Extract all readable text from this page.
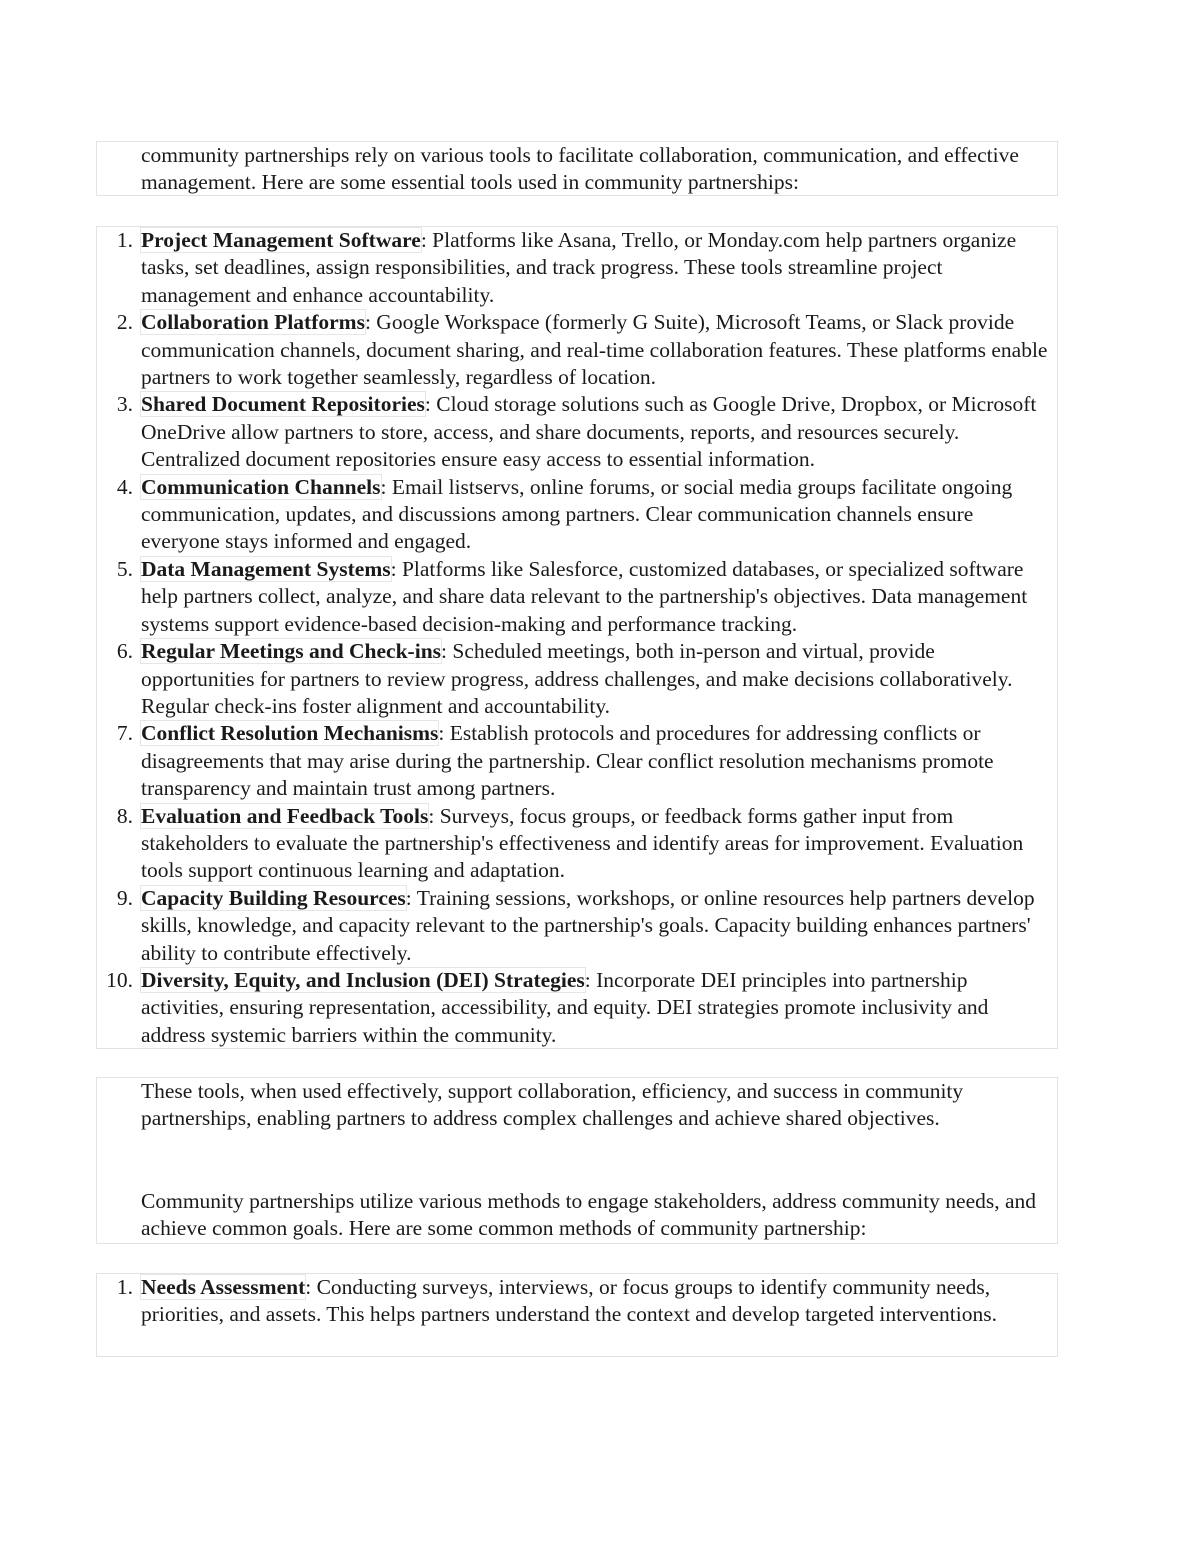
community partnerships rely on various tools to facilitate collaboration, communication, and effective management. Here are some essential tools used in community partnerships:

1. Project Management Software: Platforms like Asana, Trello, or Monday.com help partners organize tasks, set deadlines, assign responsibilities, and track progress. These tools streamline project management and enhance accountability.
2. Collaboration Platforms: Google Workspace (formerly G Suite), Microsoft Teams, or Slack provide communication channels, document sharing, and real-time collaboration features. These platforms enable partners to work together seamlessly, regardless of location.
3. Shared Document Repositories: Cloud storage solutions such as Google Drive, Dropbox, or Microsoft OneDrive allow partners to store, access, and share documents, reports, and resources securely. Centralized document repositories ensure easy access to essential information.
4. Communication Channels: Email listservs, online forums, or social media groups facilitate ongoing communication, updates, and discussions among partners. Clear communication channels ensure everyone stays informed and engaged.
5. Data Management Systems: Platforms like Salesforce, customized databases, or specialized software help partners collect, analyze, and share data relevant to the partnership's objectives. Data management systems support evidence-based decision-making and performance tracking.
6. Regular Meetings and Check-ins: Scheduled meetings, both in-person and virtual, provide opportunities for partners to review progress, address challenges, and make decisions collaboratively. Regular check-ins foster alignment and accountability.
7. Conflict Resolution Mechanisms: Establish protocols and procedures for addressing conflicts or disagreements that may arise during the partnership. Clear conflict resolution mechanisms promote transparency and maintain trust among partners.
8. Evaluation and Feedback Tools: Surveys, focus groups, or feedback forms gather input from stakeholders to evaluate the partnership's effectiveness and identify areas for improvement. Evaluation tools support continuous learning and adaptation.
9. Capacity Building Resources: Training sessions, workshops, or online resources help partners develop skills, knowledge, and capacity relevant to the partnership's goals. Capacity building enhances partners' ability to contribute effectively.
10. Diversity, Equity, and Inclusion (DEI) Strategies: Incorporate DEI principles into partnership activities, ensuring representation, accessibility, and equity. DEI strategies promote inclusivity and address systemic barriers within the community.

These tools, when used effectively, support collaboration, efficiency, and success in community partnerships, enabling partners to address complex challenges and achieve shared objectives.

Community partnerships utilize various methods to engage stakeholders, address community needs, and achieve common goals. Here are some common methods of community partnership:

1. Needs Assessment: Conducting surveys, interviews, or focus groups to identify community needs, priorities, and assets. This helps partners understand the context and develop targeted interventions.
